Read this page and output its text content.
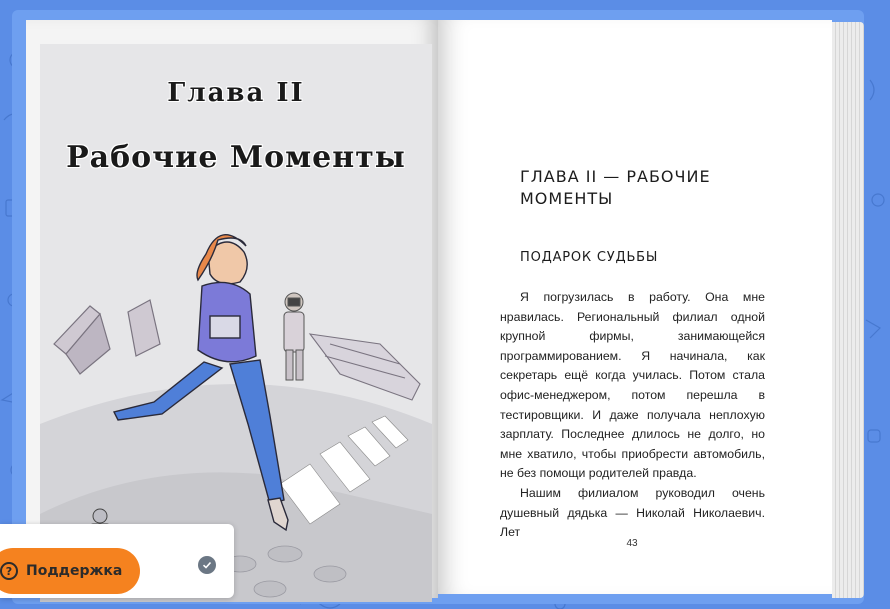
Глава II
Рабочие Моменты
ГЛАВА II — РАБОЧИЕ МОМЕНТЫ
ПОДАРОК СУДЬБЫ

Я погрузилась в работу. Она мне нравилась. Региональный филиал одной крупной фирмы, занимающейся программированием. Я начинала, как секретарь ещё когда училась. Потом стала офис-менеджером, потом перешла в тестировщики. И даже получала неплохую зарплату. Последнее длилось не долго, но мне хватило, чтобы приобрести автомобиль, не без помощи родителей правда.

Нашим филиалом руководил очень душевный дядька — Николай Николаевич. Лет

43
? Поддержка
